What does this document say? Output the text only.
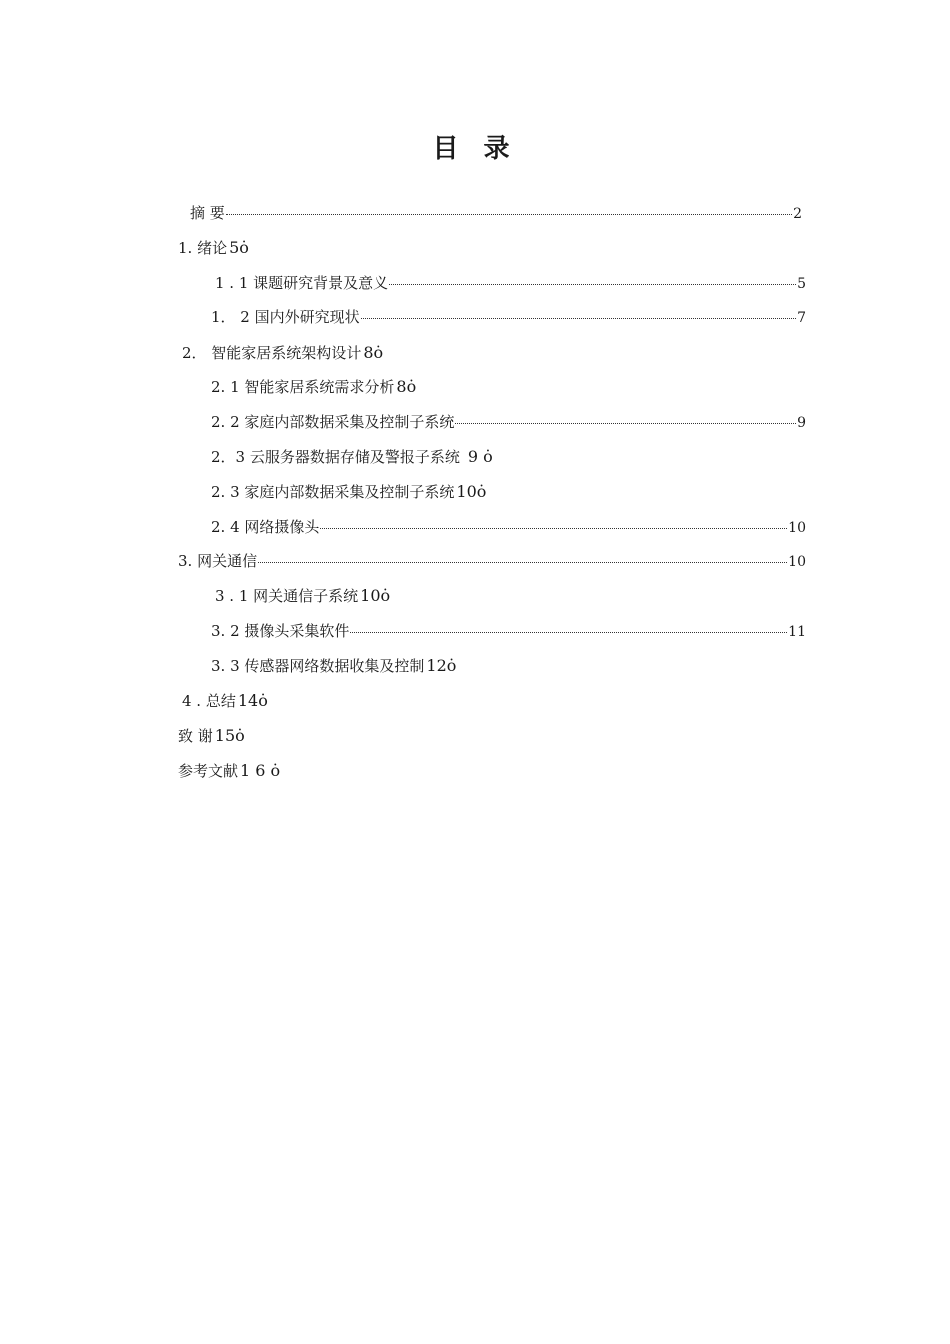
目 录
摘 要	2
1. 绪论 5ȯ
1 . 1 课题研究背景及意义	5
1． 2 国内外研究现状	7
2． 智能家居系统架构设计 8ȯ
2. 1 智能家居系统需求分析 8ȯ
2. 2 家庭内部数据采集及控制子系统	9
2．3 云服务器数据存储及警报子系统 9 ȯ
2. 3 家庭内部数据采集及控制子系统 10ȯ
2. 4 网络摄像头	10
3. 网关通信	10
3 . 1 网关通信子系统 10ȯ
3. 2 摄像头采集软件	11
3. 3 传感器网络数据收集及控制 12ȯ
4 . 总结 14ȯ
致 谢 15ȯ
参考文献 1 6 ȯ
